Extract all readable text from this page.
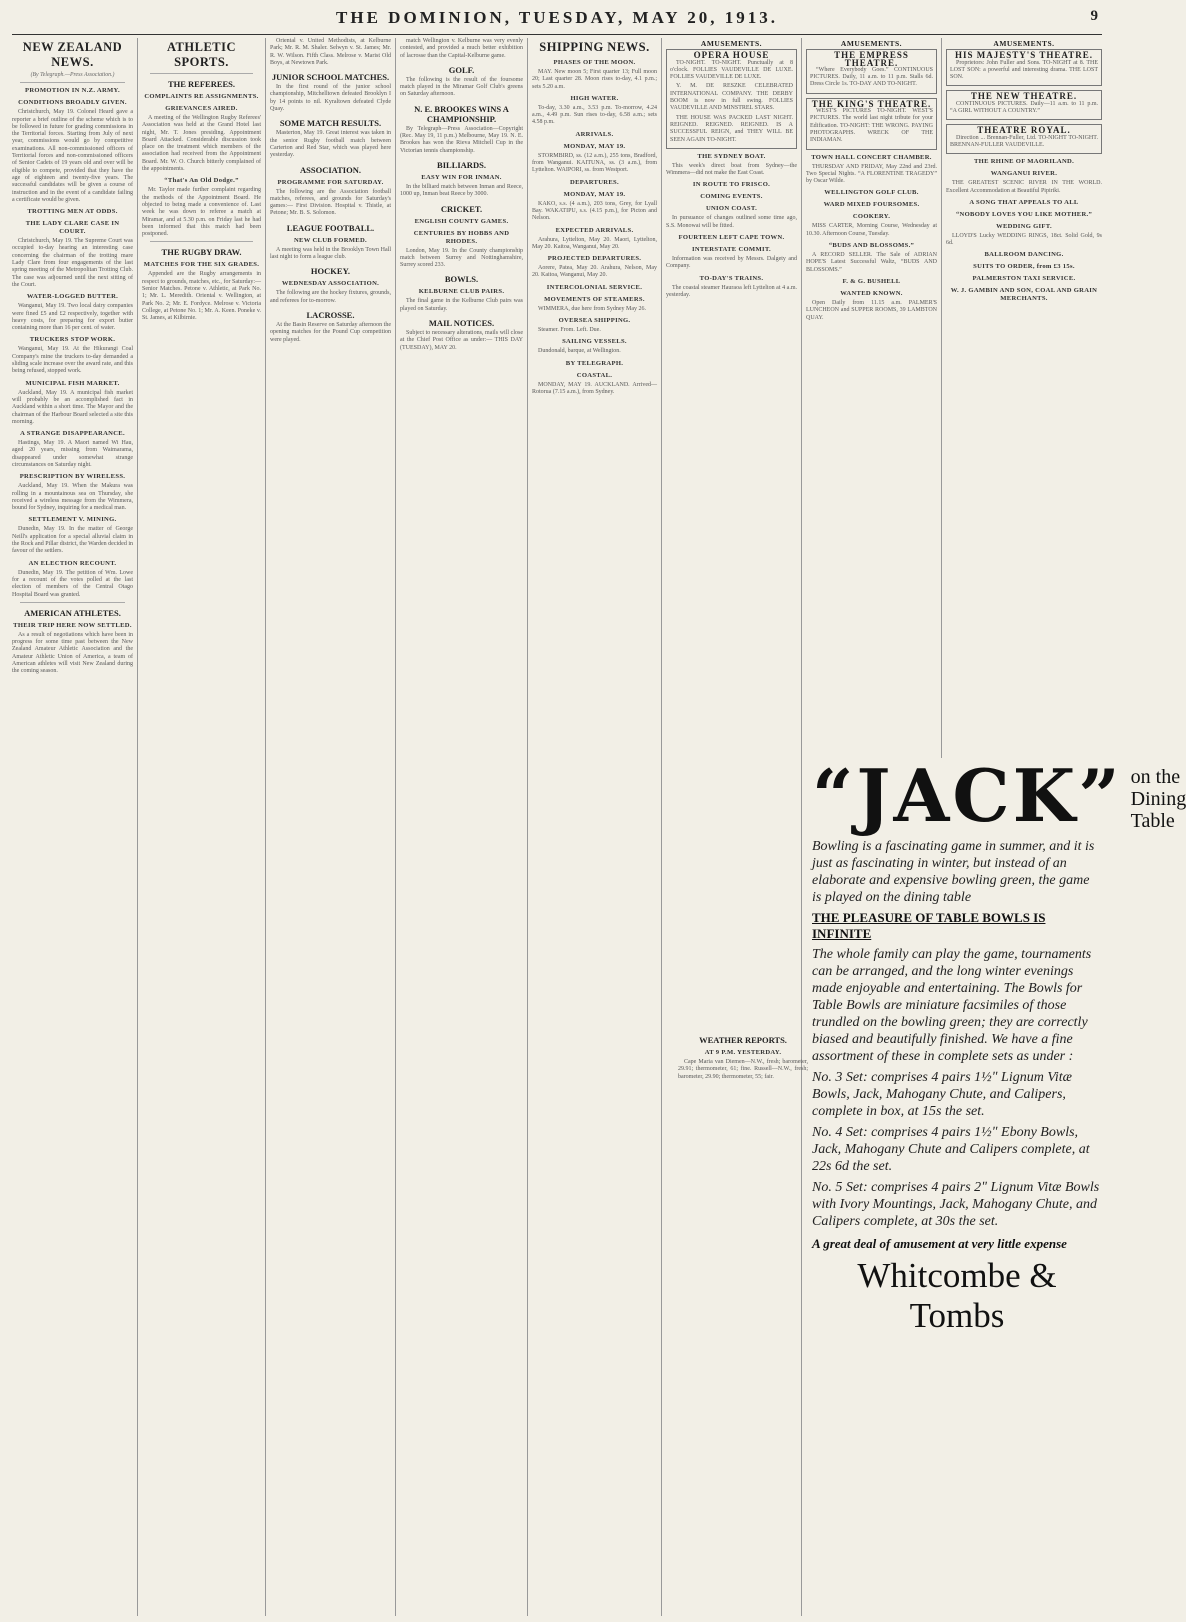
THE DOMINION, TUESDAY, MAY 20, 1913.	9
NEW ZEALAND NEWS.
(By Telegraph.—Press Association.)
PROMOTION IN N.Z. ARMY.
CONDITIONS BROADLY GIVEN.

Christchurch, May 19. Colonel Heard gave a reporter a brief outline of the scheme which is to be followed in future for grading commissions in the Territorial forces. Starting from July of next year, commissions would go by competitive examinations. All non-commissioned officers of Territorial forces and non-commissioned officers of Senior Cadets of 19 years old and over will be eligible to compete, provided that they have the age of eighteen and twenty-five years. The successful candidates will be given a course of instruction and in the event of a candidate failing a certificate would be given.

TROTTING MEN AT ODDS.
THE LADY CLARE CASE IN COURT.

Christchurch, May 19. The Supreme Court was occupied to-day hearing an interesting case concerning the chairman of the trotting mare Lady Clare from four engagements of the last spring meeting of the Metropolitan Trotting Club. The case was adjourned until the next sitting of the Court.

WATER-LOGGED BUTTER.

Wanganui, May 19. Two local dairy companies were fined £5 and £2 respectively, together with heavy costs, for preparing for export butter containing more than 16 per cent. of water.

TRUCKERS STOP WORK.

Wanganui, May 19. At the Hikurangi Coal Company's mine the truckers to-day demanded a sliding scale increase over the award rate, and this being refused, stopped work.

MUNICIPAL FISH MARKET.

Auckland, May 19. A municipal fish market will probably be an accomplished fact in Auckland within a short time. The Mayor and the chairman of the Harbour Board selected a site this morning.

A STRANGE DISAPPEARANCE.

Hastings, May 19. A Maori named Wi Hau, aged 20 years, missing from Waimarama, disappeared under somewhat strange circumstances on Saturday night.

PRESCRIPTION BY WIRELESS.

Auckland, May 19. When the Makura was rolling in a mountainous sea on Thursday, she received a wireless message from the Wimmera, bound for Sydney, inquiring for a medical man.

SETTLEMENT V. MINING.

Dunedin, May 19. In the matter of George Neill's application for a special alluvial claim in the Rock and Pillar district, the Warden decided in favour of the settlers.

AN ELECTION RECOUNT.

Dunedin, May 19. The petition of Wm. Lowe for a recount of the votes polled at the last election of members of the Central Otago Hospital Board was granted.

AMERICAN ATHLETES.
THEIR TRIP HERE NOW SETTLED.

As a result of negotiations which have been in progress for some time past between the New Zealand Amateur Athletic Association and the Amateur Athletic Union of America, a team of American athletes will visit New Zealand during the coming season.

ATHLETIC SPORTS.
THE REFEREES.
COMPLAINTS RE ASSIGNMENTS.
GRIEVANCES AIRED.

A meeting of the Wellington Rugby Referees' Association was held at the Grand Hotel last night, Mr. T. Jones presiding. Appointment Board Attacked. Considerable discussion took place on the treatment which members of the association had received from the Appointment Board. Mr. W. O. Church bitterly complained of the appointments.

“That's An Old Dodge.”

Mr. Taylor made further complaint regarding the methods of the Appointment Board. He objected to being made a convenience of. Last week he was down to referee a match at Miramar, and at 5.30 p.m. on Friday last he had been informed that this match had been postponed.

THE RUGBY DRAW.
MATCHES FOR THE SIX GRADES.

Appended are the Rugby arrangements in respect to grounds, matches, etc., for Saturday:— Senior Matches. Petone v. Athletic, at Park No. 1; Mr. L. Meredith. Oriental v. Wellington, at Park No. 2; Mr. E. Fordyce. Melrose v. Victoria College, at Petone No. 1; Mr. A. Keen. Poneke v. St. James, at Kilbirnie.

Oriental v. United Methodists, at Kelburne Park; Mr. R. M. Shaler. Selwyn v. St. James; Mr. R. W. Wilson. Fifth Class. Melrose v. Marist Old Boys, at Newtown Park.

JUNIOR SCHOOL MATCHES.

In the first round of the junior school championship, Mitchelltown defeated Brooklyn I by 14 points to nil. Kyraltown defeated Clyde Quay.

SOME MATCH RESULTS.

Masterton, May 19. Great interest was taken in the senior Rugby football match between Carterton and Red Star, which was played here yesterday.

ASSOCIATION.
PROGRAMME FOR SATURDAY.

The following are the Association football matches, referees, and grounds for Saturday's games:— First Division. Hospital v. Thistle, at Petone; Mr. B. S. Solomon.

LEAGUE FOOTBALL.
NEW CLUB FORMED.

A meeting was held in the Brooklyn Town Hall last night to form a league club.

HOCKEY.
WEDNESDAY ASSOCIATION.

The following are the hockey fixtures, grounds, and referees for to-morrow.

LACROSSE.

At the Basin Reserve on Saturday afternoon the opening matches for the Pound Cup competition were played.

match Wellington v. Kelburne was very evenly contested, and provided a much better exhibition of lacrosse than the Capital-Kelburne game.

GOLF.

The following is the result of the foursome match played in the Miramar Golf Club's greens on Saturday afternoon.

N. E. BROOKES WINS A CHAMPIONSHIP.

By Telegraph—Press Association—Copyright (Rec. May 19, 11 p.m.) Melbourne, May 19. N. E. Brookes has won the Rieva Mitchell Cup in the Victorian tennis championship.

BILLIARDS.
EASY WIN FOR INMAN.

In the billiard match between Inman and Reece, 1000 up, Inman beat Reece by 3000.

CRICKET.
ENGLISH COUNTY GAMES.
CENTURIES BY HOBBS AND RHODES.

London, May 19. In the County championship match between Surrey and Nottinghamshire, Surrey scored 233.

BOWLS.
KELBURNE CLUB PAIRS.

The final game in the Kelburne Club pairs was played on Saturday.

MAIL NOTICES.

Subject to necessary alterations, mails will close at the Chief Post Office as under:— THIS DAY (TUESDAY), MAY 20.

SHIPPING NEWS.
PHASES OF THE MOON.

MAY. New moon 5; First quarter 13; Full moon 20; Last quarter 28. Moon rises to-day, 4.1 p.m.; sets 5.20 a.m.

HIGH WATER.

To-day, 3.30 a.m., 3.53 p.m. To-morrow, 4.24 a.m., 4.49 p.m. Sun rises to-day, 6.58 a.m.; sets 4.58 p.m.

ARRIVALS.
MONDAY, MAY 19.

STORMBIRD, ss. (12 a.m.), 255 tons, Bradford, from Wanganui. KAITUNA, ss. (3 a.m.), from Lyttelton. WAIPORI, ss. from Westport.

DEPARTURES.
MONDAY, MAY 19.

KAKO, s.s. (4 a.m.), 203 tons, Grey, for Lyall Bay. WAKATIPU, s.s. (4.15 p.m.), for Picton and Nelson.

EXPECTED ARRIVALS.

Arahura, Lyttelton, May 20. Maori, Lyttelton, May 20. Kaitoa, Wanganui, May 20.

PROJECTED DEPARTURES.

Aorere, Patea, May 20. Arahura, Nelson, May 20. Kaitoa, Wanganui, May 20.

INTERCOLONIAL SERVICE.
MOVEMENTS OF STEAMERS.

WIMMERA, due here from Sydney May 26.

OVERSEA SHIPPING.

Steamer. From. Left. Due.

SAILING VESSELS.

Dundonald, barque, at Wellington.

BY TELEGRAPH.
COASTAL.

MONDAY, MAY 19. AUCKLAND. Arrived—Rotorua (7.15 a.m.), from Sydney.

AMUSEMENTS.
OPERA HOUSE

TO-NIGHT. TO-NIGHT. Punctually at 8 o'clock. FOLLIES VAUDEVILLE DE LUXE. FOLLIES VAUDEVILLE DE LUXE.

Y. M. DE RESZKE CELEBRATED INTERNATIONAL COMPANY. THE DERBY BOOM is now in full swing. FOLLIES VAUDEVILLE AND MINSTREL STARS.

THE HOUSE WAS PACKED LAST NIGHT. REIGNED. REIGNED. REIGNED. IS A SUCCESSFUL REIGN, and THEY WILL BE SEEN AGAIN TO-NIGHT.

THE SYDNEY BOAT.

This week's direct boat from Sydney—the Wimmera—did not make the East Coast.

IN ROUTE TO FRISCO.
COMING EVENTS.
UNION COAST.

In pursuance of changes outlined some time ago, S.S. Monowai will be fitted.

FOURTEEN LEFT CAPE TOWN.
INTERSTATE COMMIT.

Information was received by Messrs. Dalgety and Company.

TO-DAY'S TRAINS.

The coastal steamer Hauraoa left Lyttelton at 4 a.m. yesterday.

AMUSEMENTS.
THE EMPRESS THEATRE.

“Where Everybody Goes.” CONTINUOUS PICTURES. Daily, 11 a.m. to 11 p.m. Stalls 6d. Dress Circle 1s. TO-DAY AND TO-NIGHT.

THE KING'S THEATRE.

WEST'S PICTURES TO-NIGHT. WEST'S PICTURES. The world last night tribute for your Edification. TO-NIGHT: THE WRONG. PAYING PHOTOGRAPHS. WRECK OF THE INDIAMAN.

TOWN HALL CONCERT CHAMBER.

THURSDAY AND FRIDAY, May 22nd and 23rd. Two Special Nights. “A FLORENTINE TRAGEDY” by Oscar Wilde.

WELLINGTON GOLF CLUB.
WARD MIXED FOURSOMES.
COOKERY.

MISS CARTER, Morning Course, Wednesday at 10.30. Afternoon Course, Tuesday.

“BUDS AND BLOSSOMS.”

A RECORD SELLER. The Sale of ADRIAN HOPE'S Latest Successful Waltz, “BUDS AND BLOSSOMS.”

F. & G. BUSHELL
WANTED KNOWN.

Open Daily from 11.15 a.m. PALMER'S LUNCHEON and SUPPER ROOMS, 39 LAMBTON QUAY.

AMUSEMENTS.
HIS MAJESTY'S THEATRE.

Proprietors: John Fuller and Sons. TO-NIGHT at 8. THE LOST SON: a powerful and interesting drama. THE LOST SON.

THE NEW THEATRE.

CONTINUOUS PICTURES. Daily—11 a.m. to 11 p.m. “A GIRL WITHOUT A COUNTRY.”

THEATRE ROYAL.

Direction ... Brennan-Fuller, Ltd. TO-NIGHT TO-NIGHT. BRENNAN-FULLER VAUDEVILLE.

THE RHINE OF MAORILAND.
WANGANUI RIVER.

THE GREATEST SCENIC RIVER IN THE WORLD. Excellent Accommodation at Beautiful Pipiriki.

A SONG THAT APPEALS TO ALL
“NOBODY LOVES YOU LIKE MOTHER.”
WEDDING GIFT.

LLOYD'S Lucky WEDDING RINGS, 18ct. Solid Gold, 9s 6d.

BALLROOM DANCING.
SUITS TO ORDER, from £3 15s.
PALMERSTON TAXI SERVICE.
W. J. GAMBIN AND SON, COAL AND GRAIN MERCHANTS.
“JACK” on the Dining Table
Bowling is a fascinating game in summer, and it is just as fascinating in winter, but instead of an elaborate and expensive bowling green, the game is played on the dining table
THE PLEASURE OF TABLE BOWLS IS INFINITE
The whole family can play the game, tournaments can be arranged, and the long winter evenings made enjoyable and entertaining. The Bowls for Table Bowls are miniature facsimiles of those trundled on the bowling green; they are correctly biased and beautifully finished. We have a fine assortment of these in complete sets as under :
No. 3 Set: comprises 4 pairs 1½ʺ Lignum Vitæ Bowls, Jack, Mahogany Chute, and Calipers, complete in box, at 15s the set.
No. 4 Set: comprises 4 pairs 1½ʺ Ebony Bowls, Jack, Mahogany Chute and Calipers complete, at 22s 6d the set.
No. 5 Set: comprises 4 pairs 2ʺ Lignum Vitæ Bowls with Ivory Mountings, Jack, Mahogany Chute, and Calipers complete, at 30s the set.
A great deal of amusement at very little expense
Whitcombe & Tombs
WEATHER REPORTS.
AT 9 P.M. YESTERDAY.

Cape Maria van Diemen—N.W., fresh; barometer, 29.91; thermometer, 61; fine. Russell—N.W., fresh; barometer, 29.90; thermometer, 55; fair.
